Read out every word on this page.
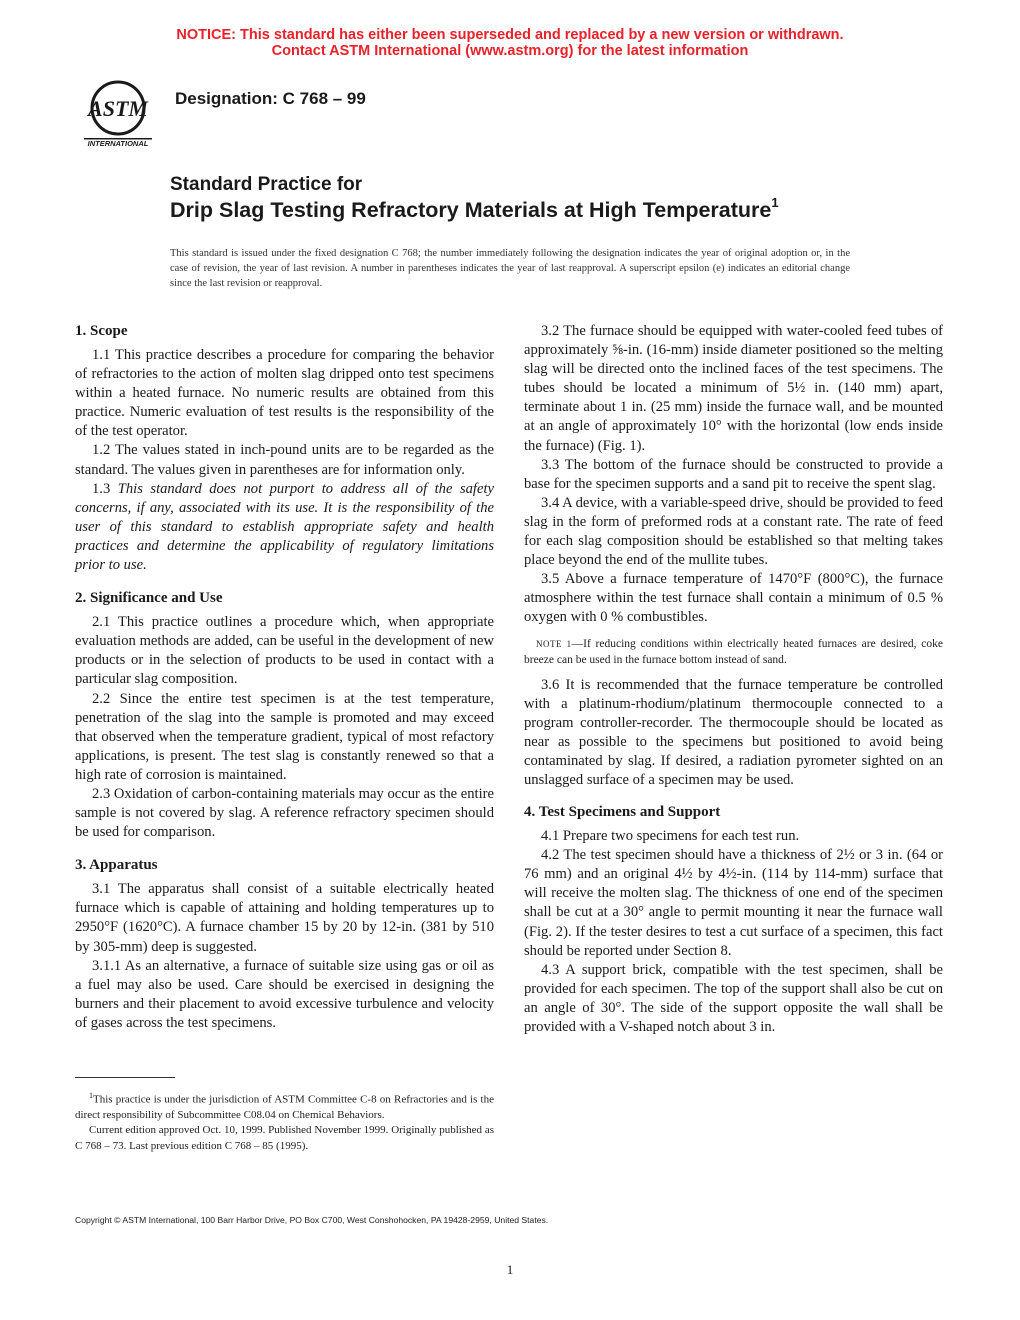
NOTICE: This standard has either been superseded and replaced by a new version or withdrawn.
Contact ASTM International (www.astm.org) for the latest information
ASTM
INTERNATIONAL
Designation: C 768 – 99
Standard Practice for
Drip Slag Testing Refractory Materials at High Temperature$^1$
This standard is issued under the fixed designation C 768; the number immediately following the designation indicates the year of original adoption or, in the case of revision, the year of last revision. A number in parentheses indicates the year of last reapproval. A superscript epsilon (e) indicates an editorial change since the last revision or reapproval.
1. Scope

1.1 This practice describes a procedure for comparing the behavior of refractories to the action of molten slag dripped onto test specimens within a heated furnace. No numeric results are obtained from this practice. Numeric evaluation of test results is the responsibility of the of the test operator.

1.2 The values stated in inch-pound units are to be regarded as the standard. The values given in parentheses are for information only.

1.3 This standard does not purport to address all of the safety concerns, if any, associated with its use. It is the responsibility of the user of this standard to establish appropriate safety and health practices and determine the applicability of regulatory limitations prior to use.

2. Significance and Use

2.1 This practice outlines a procedure which, when appropriate evaluation methods are added, can be useful in the development of new products or in the selection of products to be used in contact with a particular slag composition.

2.2 Since the entire test specimen is at the test temperature, penetration of the slag into the sample is promoted and may exceed that observed when the temperature gradient, typical of most refactory applications, is present. The test slag is constantly renewed so that a high rate of corrosion is maintained.

2.3 Oxidation of carbon-containing materials may occur as the entire sample is not covered by slag. A reference refractory specimen should be used for comparison.

3. Apparatus

3.1 The apparatus shall consist of a suitable electrically heated furnace which is capable of attaining and holding temperatures up to 2950°F (1620°C). A furnace chamber 15 by 20 by 12-in. (381 by 510 by 305-mm) deep is suggested.

3.1.1 As an alternative, a furnace of suitable size using gas or oil as a fuel may also be used. Care should be exercised in designing the burners and their placement to avoid excessive turbulence and velocity of gases across the test specimens.

3.2 The furnace should be equipped with water-cooled feed tubes of approximately ⅝-in. (16-mm) inside diameter positioned so the melting slag will be directed onto the inclined faces of the test specimens. The tubes should be located a minimum of 5½ in. (140 mm) apart, terminate about 1 in. (25 mm) inside the furnace wall, and be mounted at an angle of approximately 10° with the horizontal (low ends inside the furnace) (Fig. 1).

3.3 The bottom of the furnace should be constructed to provide a base for the specimen supports and a sand pit to receive the spent slag.

3.4 A device, with a variable-speed drive, should be provided to feed slag in the form of preformed rods at a constant rate. The rate of feed for each slag composition should be established so that melting takes place beyond the end of the mullite tubes.

3.5 Above a furnace temperature of 1470°F (800°C), the furnace atmosphere within the test furnace shall contain a minimum of 0.5 % oxygen with 0 % combustibles.

NOTE 1—If reducing conditions within electrically heated furnaces are desired, coke breeze can be used in the furnace bottom instead of sand.

3.6 It is recommended that the furnace temperature be controlled with a platinum-rhodium/platinum thermocouple connected to a program controller-recorder. The thermocouple should be located as near as possible to the specimens but positioned to avoid being contaminated by slag. If desired, a radiation pyrometer sighted on an unslagged surface of a specimen may be used.

4. Test Specimens and Support

4.1 Prepare two specimens for each test run.

4.2 The test specimen should have a thickness of 2½ or 3 in. (64 or 76 mm) and an original 4½ by 4½-in. (114 by 114-mm) surface that will receive the molten slag. The thickness of one end of the specimen shall be cut at a 30° angle to permit mounting it near the furnace wall (Fig. 2). If the tester desires to test a cut surface of a specimen, this fact should be reported under Section 8.

4.3 A support brick, compatible with the test specimen, shall be provided for each specimen. The top of the support shall also be cut on an angle of 30°. The side of the support opposite the wall shall be provided with a V-shaped notch about 3 in.

$^1$This practice is under the jurisdiction of ASTM Committee C-8 on Refractories and is the direct responsibility of Subcommittee C08.04 on Chemical Behaviors.

Current edition approved Oct. 10, 1999. Published November 1999. Originally published as C 768 – 73. Last previous edition C 768 – 85 (1995).

Copyright © ASTM International, 100 Barr Harbor Drive, PO Box C700, West Conshohocken, PA 19428-2959, United States.
1
